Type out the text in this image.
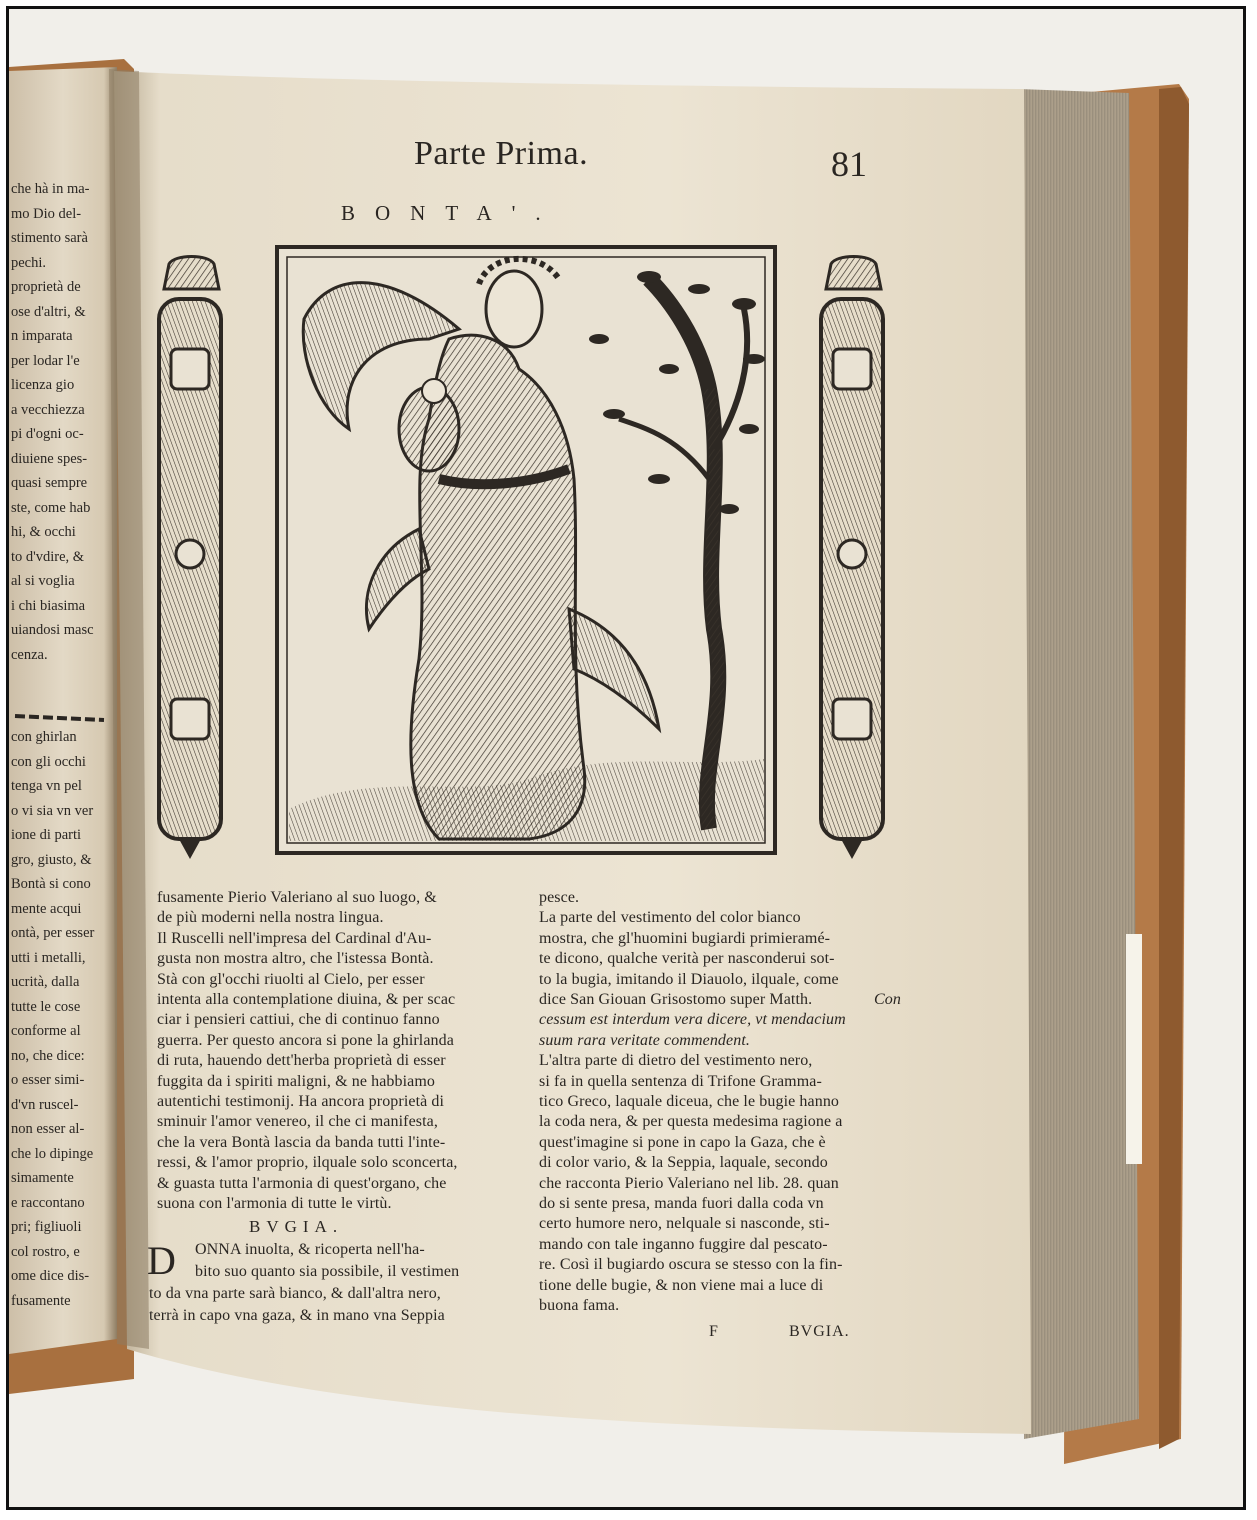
Parte Prima.	81
BONTA'.
che hà in ma-
mo Dio del-
stimento sarà
pechi.
proprietà de
ose d'altri, &
n imparata
per lodar l'e
licenza gio
a vecchiezza
pi d'ogni oc-
diuiene spes-
quasi sempre
ste, come hab
hi, & occhi
to d'vdire, &
al si voglia
i chi biasima
uiandosi masc
cenza.
con ghirlan
con gli occhi
tenga vn pel
o vi sia vn ver
ione di parti
gro, giusto, &
Bontà si cono
mente acqui
ontà, per esser
utti i metalli,
ucrità, dalla
tutte le cose
conforme al
no, che dice:
o esser simi-
d'vn ruscel-
non esser al-
che lo dipinge
simamente
e raccontano
pri; figliuoli
col rostro, e
ome dice dis-
fusamente
fusamente Pierio Valeriano al suo luogo, &
de più moderni nella nostra lingua.
Il Ruscelli nell'impresa del Cardinal d'Au-
gusta non mostra altro, che l'istessa Bontà.
Stà con gl'occhi riuolti al Cielo, per esser
intenta alla contemplatione diuina, & per scac
ciar i pensieri cattiui, che di continuo fanno
guerra. Per questo ancora si pone la ghirlanda
di ruta, hauendo dett'herba proprietà di esser
fuggita da i spiriti maligni, & ne habbiamo
autentichi testimonij. Ha ancora proprietà di
sminuir l'amor venereo, il che ci manifesta,
che la vera Bontà lascia da banda tutti l'inte-
ressi, & l'amor proprio, ilquale solo sconcerta,
& guasta tutta l'armonia di quest'organo, che
suona con l'armonia di tutte le virtù.
BVGIA.
D ONNA inuolta, & ricoperta nell'ha-
bito suo quanto sia possibile, il vestimen
to da vna parte sarà bianco, & dall'altra nero,
terrà in capo vna gaza, & in mano vna Seppia
pesce.
La parte del vestimento del color bianco
mostra, che gl'huomini bugiardi primieramé-
te dicono, qualche verità per nasconderui sot-
to la bugia, imitando il Diauolo, ilquale, come
dice San Giouan Grisostomo super Matth.	Con
cessum est interdum vera dicere, vt mendacium
suum rara veritate commendent.
L'altra parte di dietro del vestimento nero,
si fa in quella sentenza di Trifone Gramma-
tico Greco, laquale diceua, che le bugie hanno
la coda nera, & per questa medesima ragione a
quest'imagine si pone in capo la Gaza, che è
di color vario, & la Seppia, laquale, secondo
che racconta Pierio Valeriano nel lib. 28. quan
do si sente presa, manda fuori dalla coda vn
certo humore nero, nelquale si nasconde, sti-
mando con tale inganno fuggire dal pescato-
re. Così il bugiardo oscura se stesso con la fin-
tione delle bugie, & non viene mai a luce di
buona fama.
F	BVGIA.
